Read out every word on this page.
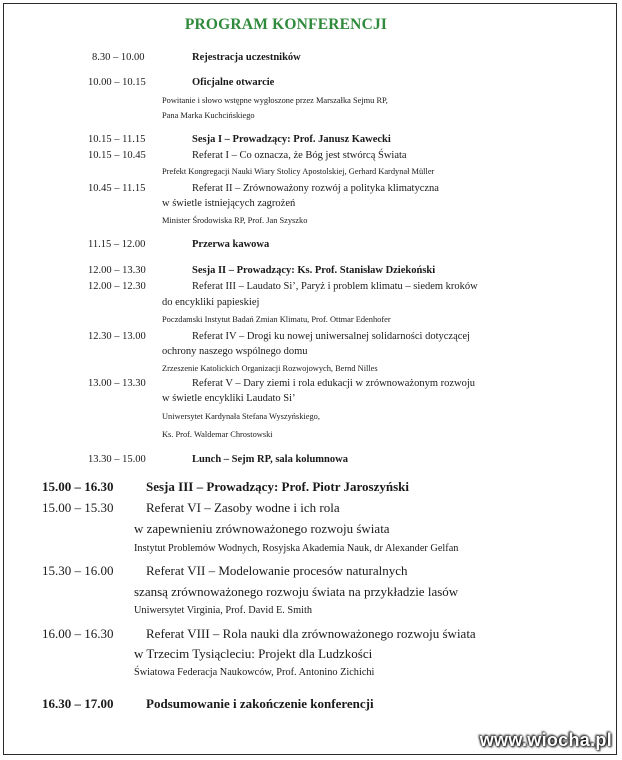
PROGRAM KONFERENCJI
8.30 – 10.00	Rejestracja uczestników
10.00 – 10.15	Oficjalne otwarcie
Powitanie i słowo wstępne wygłoszone przez Marszałka Sejmu RP,
Pana Marka Kuchcińskiego
10.15 – 11.15	Sesja I – Prowadzący: Prof. Janusz Kawecki
10.15 – 10.45	Referat I – Co oznacza, że Bóg jest stwórcą Świata
Prefekt Kongregacji Nauki Wiary Stolicy Apostolskiej, Gerhard Kardynał Müller
10.45 – 11.15	Referat II – Zrównoważony rozwój a polityka klimatyczna
w świetle istniejących zagrożeń
Minister Środowiska RP, Prof. Jan Szyszko
11.15 – 12.00	Przerwa kawowa
12.00 – 13.30	Sesja II – Prowadzący: Ks. Prof. Stanisław Dziekoński
12.00 – 12.30	Referat III – Laudato Si’, Paryż i problem klimatu – siedem kroków
do encykliki papieskiej
Poczdamski Instytut Badań Zmian Klimatu, Prof. Ottmar Edenhofer
12.30 – 13.00	Referat IV – Drogi ku nowej uniwersalnej solidarności dotyczącej
ochrony naszego wspólnego domu
Zrzeszenie Katolickich Organizacji Rozwojowych, Bernd Nilles
13.00 – 13.30	Referat V – Dary ziemi i rola edukacji w zrównoważonym rozwoju
w świetle encykliki Laudato Si’
Uniwersytet Kardynała Stefana Wyszyńskiego,
Ks. Prof. Waldemar Chrostowski
13.30 – 15.00	Lunch – Sejm RP, sala kolumnowa
15.00 – 16.30	Sesja III – Prowadzący: Prof. Piotr Jaroszyński
15.00 – 15.30	Referat VI – Zasoby wodne i ich rola
w zapewnieniu zrównoważonego rozwoju świata
Instytut Problemów Wodnych, Rosyjska Akademia Nauk, dr Alexander Gelfan
15.30 – 16.00	Referat VII – Modelowanie procesów naturalnych
szansą zrównoważonego rozwoju świata na przykładzie lasów
Uniwersytet Virginia, Prof. David E. Smith
16.00 – 16.30	Referat VIII – Rola nauki dla zrównoważonego rozwoju świata
w Trzecim Tysiącleciu: Projekt dla Ludzkości
Światowa Federacja Naukowców, Prof. Antonino Zichichi
16.30 – 17.00	Podsumowanie i zakończenie konferencji
www.wiocha.pl
